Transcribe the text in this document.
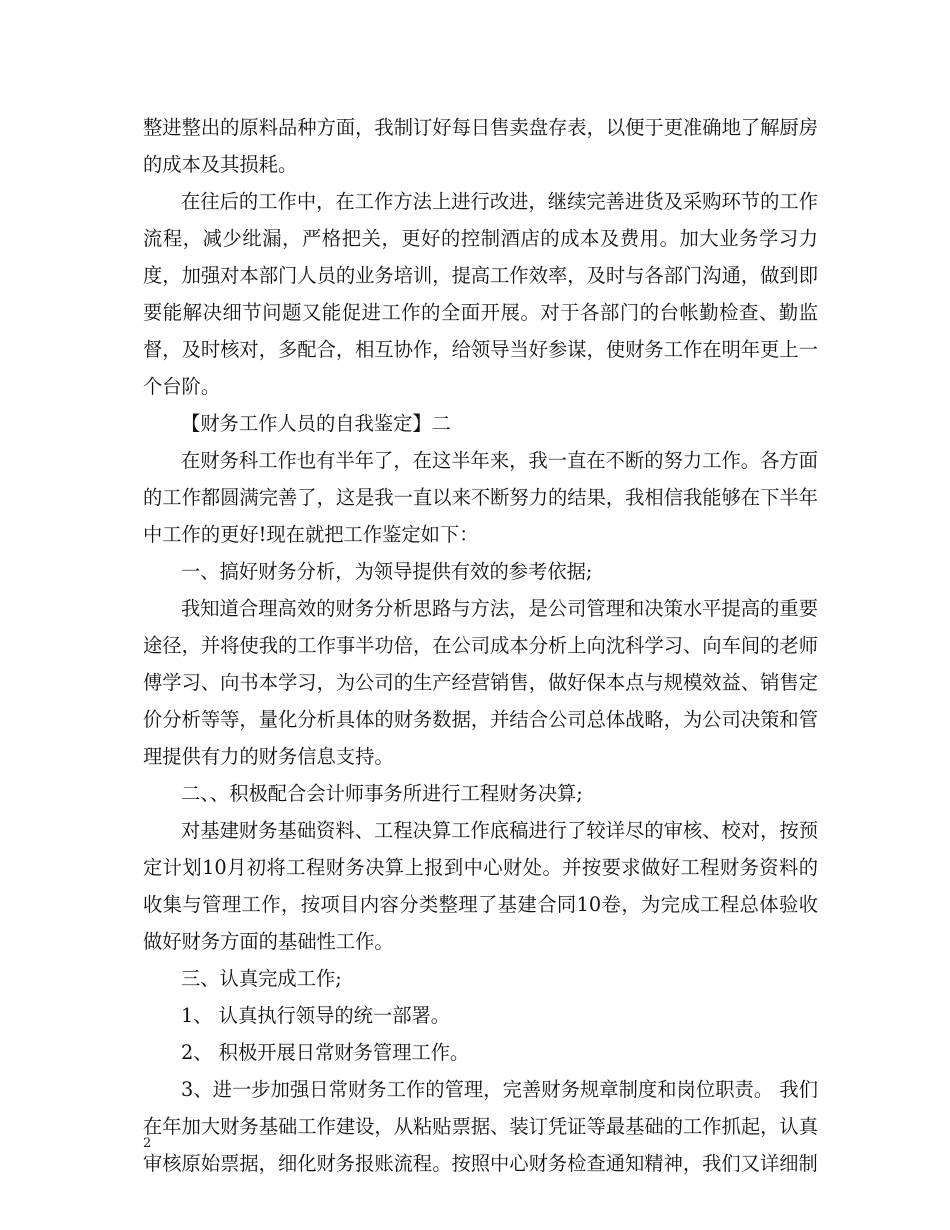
整进整出的原料品种方面，我制订好每日售卖盘存表，以便于更准确地了解厨房的成本及其损耗。

在往后的工作中，在工作方法上进行改进，继续完善进货及采购环节的工作流程，减少纰漏，严格把关，更好的控制酒店的成本及费用。加大业务学习力度，加强对本部门人员的业务培训，提高工作效率，及时与各部门沟通，做到即要能解决细节问题又能促进工作的全面开展。对于各部门的台帐勤检查、勤监督，及时核对，多配合，相互协作，给领导当好参谋，使财务工作在明年更上一个台阶。

【财务工作人员的自我鉴定】二

在财务科工作也有半年了，在这半年来，我一直在不断的努力工作。各方面的工作都圆满完善了，这是我一直以来不断努力的结果，我相信我能够在下半年中工作的更好!现在就把工作鉴定如下：

一、搞好财务分析，为领导提供有效的参考依据;

我知道合理高效的财务分析思路与方法，是公司管理和决策水平提高的重要途径，并将使我的工作事半功倍，在公司成本分析上向沈科学习、向车间的老师傅学习、向书本学习，为公司的生产经营销售，做好保本点与规模效益、销售定价分析等等，量化分析具体的财务数据，并结合公司总体战略，为公司决策和管理提供有力的财务信息支持。

二、、积极配合会计师事务所进行工程财务决算;

对基建财务基础资料、工程决算工作底稿进行了较详尽的审核、校对，按预定计划10月初将工程财务决算上报到中心财处。并按要求做好工程财务资料的收集与管理工作，按项目内容分类整理了基建合同10卷，为完成工程总体验收做好财务方面的基础性工作。

三、认真完成工作;

1、 认真执行领导的统一部署。

2、 积极开展日常财务管理工作。

3、进一步加强日常财务工作的管理，完善财务规章制度和岗位职责。 我们在年加大财务基础工作建设，从粘贴票据、装订凭证等最基础的工作抓起，认真审核原始票据，细化财务报账流程。按照中心财务检查通知精神，我们又详细制

2
